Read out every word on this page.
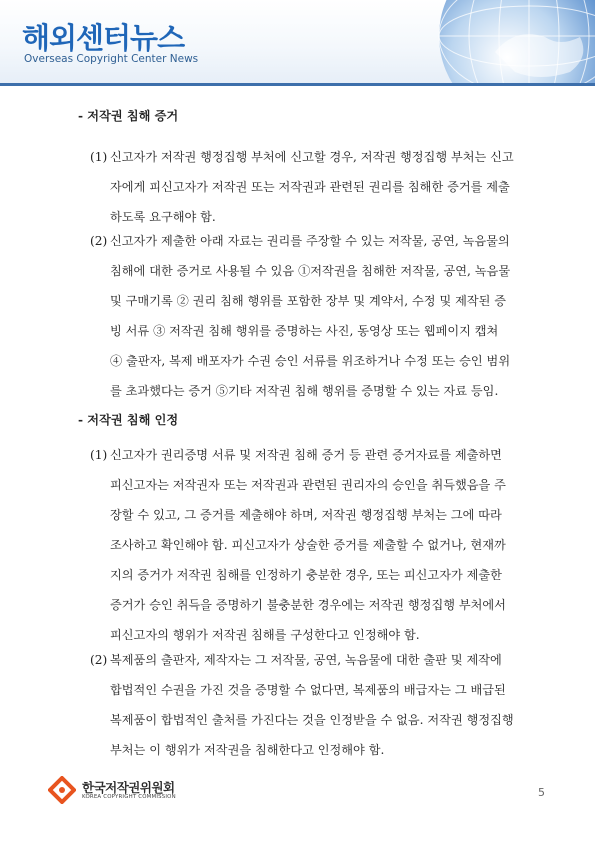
해외센터뉴스
Overseas Copyright Center News
- 저작권 침해 증거
(1) 신고자가 저작권 행정집행 부처에 신고할 경우, 저작권 행정집행 부처는 신고
자에게 피신고자가 저작권 또는 저작권과 관련된 권리를 침해한 증거를 제출
하도록 요구해야 함.
(2) 신고자가 제출한 아래 자료는 권리를 주장할 수 있는 저작물, 공연, 녹음물의
침해에 대한 증거로 사용될 수 있음 ①저작권을 침해한 저작물, 공연, 녹음물
및 구매기록 ② 권리 침해 행위를 포함한 장부 및 계약서, 수정 및 제작된 증
빙 서류 ③ 저작권 침해 행위를 증명하는 사진, 동영상 또는 웹페이지 캡쳐
④ 출판자, 복제 배포자가 수권 승인 서류를 위조하거나 수정 또는 승인 범위
를 초과했다는 증거 ⑤기타 저작권 침해 행위를 증명할 수 있는 자료 등임.
- 저작권 침해 인정
(1) 신고자가 권리증명 서류 및 저작권 침해 증거 등 관련 증거자료를 제출하면
피신고자는 저작권자 또는 저작권과 관련된 권리자의 승인을 취득했음을 주
장할 수 있고, 그 증거를 제출해야 하며, 저작권 행정집행 부처는 그에 따라
조사하고 확인해야 함. 피신고자가 상술한 증거를 제출할 수 없거나, 현재까
지의 증거가 저작권 침해를 인정하기 충분한 경우, 또는 피신고자가 제출한
증거가 승인 취득을 증명하기 불충분한 경우에는 저작권 행정집행 부처에서
피신고자의 행위가 저작권 침해를 구성한다고 인정해야 함.
(2) 복제품의 출판자, 제작자는 그 저작물, 공연, 녹음물에 대한 출판 및 제작에
합법적인 수권을 가진 것을 증명할 수 없다면, 복제품의 배급자는 그 배급된
복제품이 합법적인 출처를 가진다는 것을 인정받을 수 없음. 저작권 행정집행
부처는 이 행위가 저작권을 침해한다고 인정해야 함.
한국저작권위원회
KOREA COPYRIGHT COMMISSION	5
